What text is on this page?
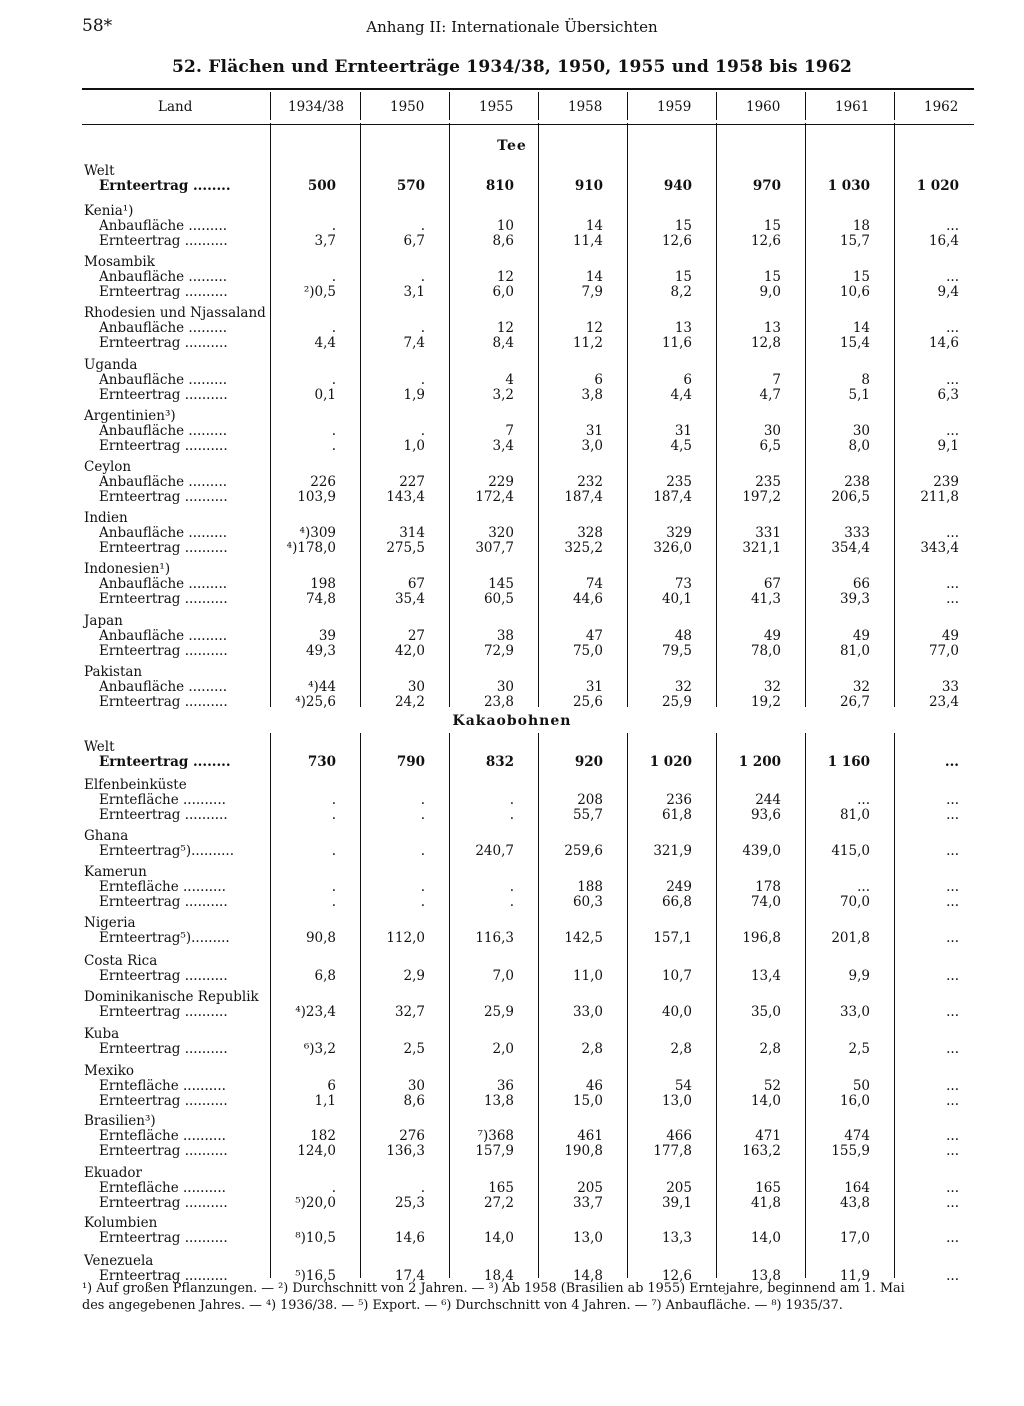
58*	Anhang II: Internationale Übersichten
52. Flächen und Ernteerträge 1934/38, 1950, 1955 und 1958 bis 1962
Land	1934/38	1950	1955	1958	1959	1960	1961	1962
Tee
Welt
Ernteertrag ........	500	570	810	910	940	970	1 030	1 020
Kenia¹)
Anbaufläche .........	.	.	10	14	15	15	18	...
Ernteertrag ..........	3,7	6,7	8,6	11,4	12,6	12,6	15,7	16,4
Mosambik
Anbaufläche .........	.	.	12	14	15	15	15	...
Ernteertrag ..........	²)0,5	3,1	6,0	7,9	8,2	9,0	10,6	9,4
Rhodesien und Njassaland
Anbaufläche .........	.	.	12	12	13	13	14	...
Ernteertrag ..........	4,4	7,4	8,4	11,2	11,6	12,8	15,4	14,6
Uganda
Anbaufläche .........	.	.	4	6	6	7	8	...
Ernteertrag ..........	0,1	1,9	3,2	3,8	4,4	4,7	5,1	6,3
Argentinien³)
Anbaufläche .........	.	.	7	31	31	30	30	...
Ernteertrag ..........	.	1,0	3,4	3,0	4,5	6,5	8,0	9,1
Ceylon
Anbaufläche .........	226	227	229	232	235	235	238	239
Ernteertrag ..........	103,9	143,4	172,4	187,4	187,4	197,2	206,5	211,8
Indien
Anbaufläche .........	⁴)309	314	320	328	329	331	333	...
Ernteertrag ..........	⁴)178,0	275,5	307,7	325,2	326,0	321,1	354,4	343,4
Indonesien¹)
Anbaufläche .........	198	67	145	74	73	67	66	...
Ernteertrag ..........	74,8	35,4	60,5	44,6	40,1	41,3	39,3	...
Japan
Anbaufläche .........	39	27	38	47	48	49	49	49
Ernteertrag ..........	49,3	42,0	72,9	75,0	79,5	78,0	81,0	77,0
Pakistan
Anbaufläche .........	⁴)44	30	30	31	32	32	32	33
Ernteertrag ..........	⁴)25,6	24,2	23,8	25,6	25,9	19,2	26,7	23,4
Kakaobohnen
Welt
Ernteertrag ........	730	790	832	920	1 020	1 200	1 160	...
Elfenbeinküste
Erntefläche ..........	.	.	.	208	236	244	...	...
Ernteertrag ..........	.	.	.	55,7	61,8	93,6	81,0	...
Ghana
Ernteertrag⁵)..........	.	.	240,7	259,6	321,9	439,0	415,0	...
Kamerun
Erntefläche ..........	.	.	.	188	249	178	...	...
Ernteertrag ..........	.	.	.	60,3	66,8	74,0	70,0	...
Nigeria
Ernteertrag⁵).........	90,8	112,0	116,3	142,5	157,1	196,8	201,8	...
Costa Rica
Ernteertrag ..........	6,8	2,9	7,0	11,0	10,7	13,4	9,9	...
Dominikanische Republik
Ernteertrag ..........	⁴)23,4	32,7	25,9	33,0	40,0	35,0	33,0	...
Kuba
Ernteertrag ..........	⁶)3,2	2,5	2,0	2,8	2,8	2,8	2,5	...
Mexiko
Erntefläche ..........	6	30	36	46	54	52	50	...
Ernteertrag ..........	1,1	8,6	13,8	15,0	13,0	14,0	16,0	...
Brasilien³)
Erntefläche ..........	182	276	⁷)368	461	466	471	474	...
Ernteertrag ..........	124,0	136,3	157,9	190,8	177,8	163,2	155,9	...
Ekuador
Erntefläche ..........	.	.	165	205	205	165	164	...
Ernteertrag ..........	⁵)20,0	25,3	27,2	33,7	39,1	41,8	43,8	...
Kolumbien
Ernteertrag ..........	⁸)10,5	14,6	14,0	13,0	13,3	14,0	17,0	...
Venezuela
Ernteertrag ..........	⁵)16,5	17,4	18,4	14,8	12,6	13,8	11,9	...
¹) Auf großen Pflanzungen. — ²) Durchschnitt von 2 Jahren. — ³) Ab 1958 (Brasilien ab 1955) Erntejahre, beginnend am 1. Mai
des angegebenen Jahres. — ⁴) 1936/38. — ⁵) Export. — ⁶) Durchschnitt von 4 Jahren. — ⁷) Anbaufläche. — ⁸) 1935/37.
